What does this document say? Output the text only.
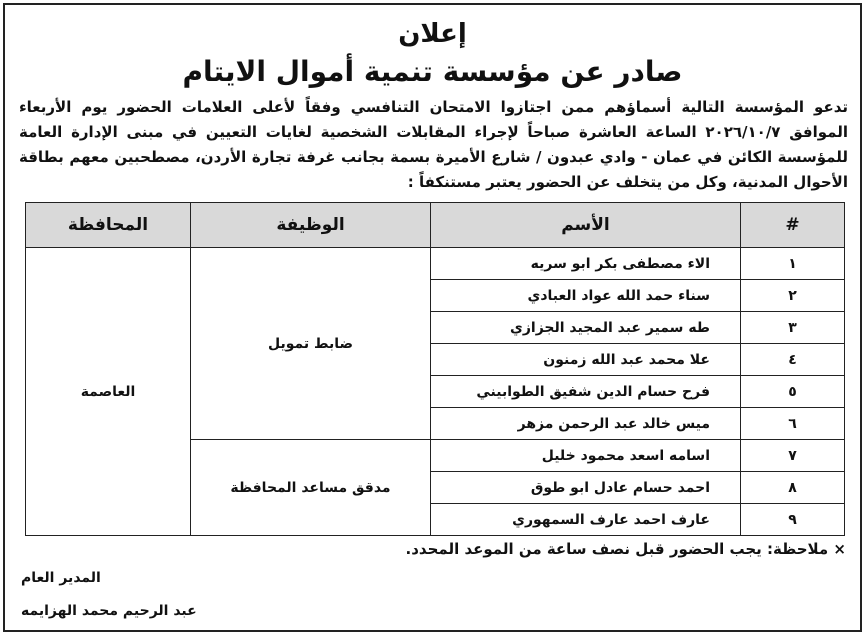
إعلان
صادر عن مؤسسة تنمية أموال الايتام
تدعو المؤسسة التالية أسماؤهم ممن اجتازوا الامتحان التنافسي وفقاً لأعلى العلامات الحضور يوم الأربعاء الموافق ٢٠٢٦/١٠/٧ الساعة العاشرة صباحاً لإجراء المقابلات الشخصية لغايات التعيين في مبنى الإدارة العامة للمؤسسة الكائن في عمان - وادي عبدون / شارع الأميرة بسمة بجانب غرفة تجارة الأردن، مصطحبين معهم بطاقة الأحوال المدنية، وكل من يتخلف عن الحضور يعتبر مستنكفاً :
#	الأسم	الوظيفة	المحافظة
١	الاء مصطفى بكر ابو سريه	ضابط تمويل	العاصمة
٢	سناء حمد الله عواد العبادي		
٣	طه سمير عبد المجيد الجزازي		
٤	علا محمد عبد الله زمنون		
٥	فرح حسام الدين شفيق الطوابيني		
٦	ميس خالد عبد الرحمن مزهر		
٧	اسامه اسعد محمود خليل	مدقق مساعد المحافظة	
٨	احمد حسام عادل ابو طوق		
٩	عارف احمد عارف السمهوري		
× ملاحظة: يجب الحضور قبل نصف ساعة من الموعد المحدد.
المدير العام
عبد الرحيم محمد الهزايمه
